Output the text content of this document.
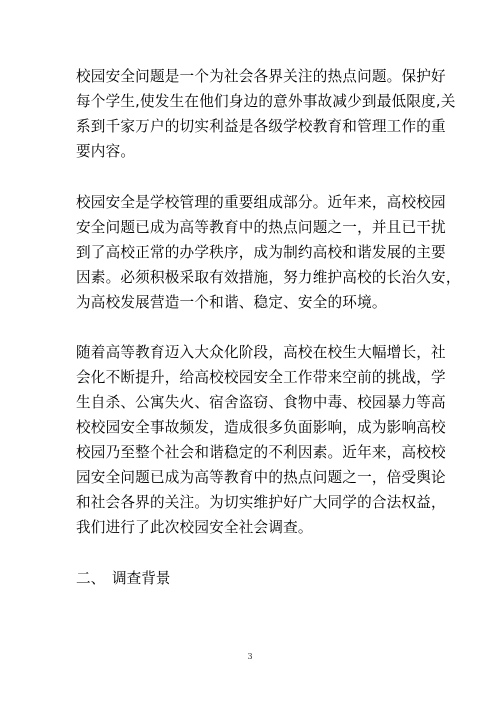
校园安全问题是一个为社会各界关注的热点问题。保护好
每个学生,使发生在他们身边的意外事故减少到最低限度,关
系到千家万户的切实利益是各级学校教育和管理工作的重
要内容。

校园安全是学校管理的重要组成部分。近年来，高校校园
安全问题已成为高等教育中的热点问题之一，并且已干扰
到了高校正常的办学秩序，成为制约高校和谐发展的主要
因素。必须积极采取有效措施，努力维护高校的长治久安，
为高校发展营造一个和谐、稳定、安全的环境。

随着高等教育迈入大众化阶段，高校在校生大幅增长，社
会化不断提升，给高校校园安全工作带来空前的挑战，学
生自杀、公寓失火、宿舍盗窃、食物中毒、校园暴力等高
校校园安全事故频发，造成很多负面影响，成为影响高校
校园乃至整个社会和谐稳定的不利因素。近年来，高校校
园安全问题已成为高等教育中的热点问题之一，倍受舆论
和社会各界的关注。为切实维护好广大同学的合法权益，
我们进行了此次校园安全社会调查。

二、 调查背景
3
